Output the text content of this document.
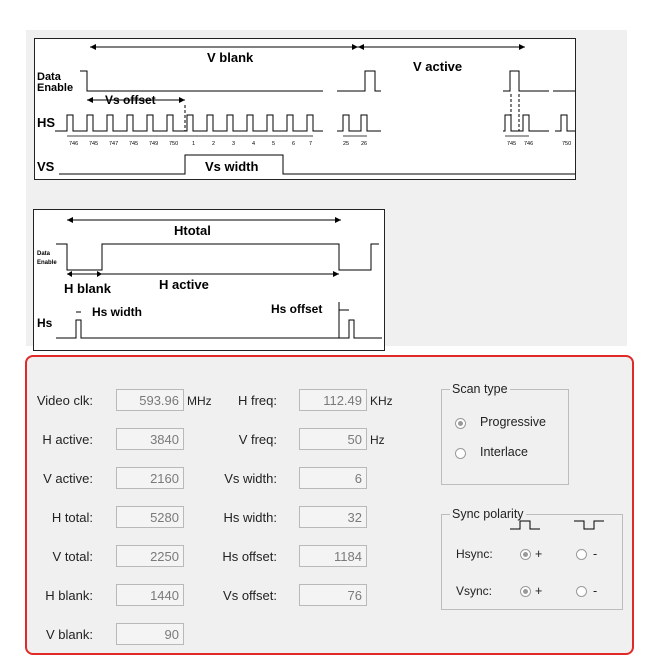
V blank
V active
Data
Enable
Vs offset
HS
746 745 747 745 749 750	1	2	3	4	5	6	7	25 26	745 746	750
VS	Vs width
Htotal
Data
Enable
H blank	H active
Hs
Hs width	Hs offset
Video clk:	593.96 MHz
H active:	3840
V active:	2160
H total:	5280
V total:	2250
H blank:	1440
V blank:	90
H freq:	112.49 KHz
V freq:	50 Hz
Vs width:	6
Hs width:	32
Hs offset:	1184
Vs offset:	76
Scan type
Progressive
Interlace
Sync polarity
Hsync:	+	-
Vsync:	+	-
